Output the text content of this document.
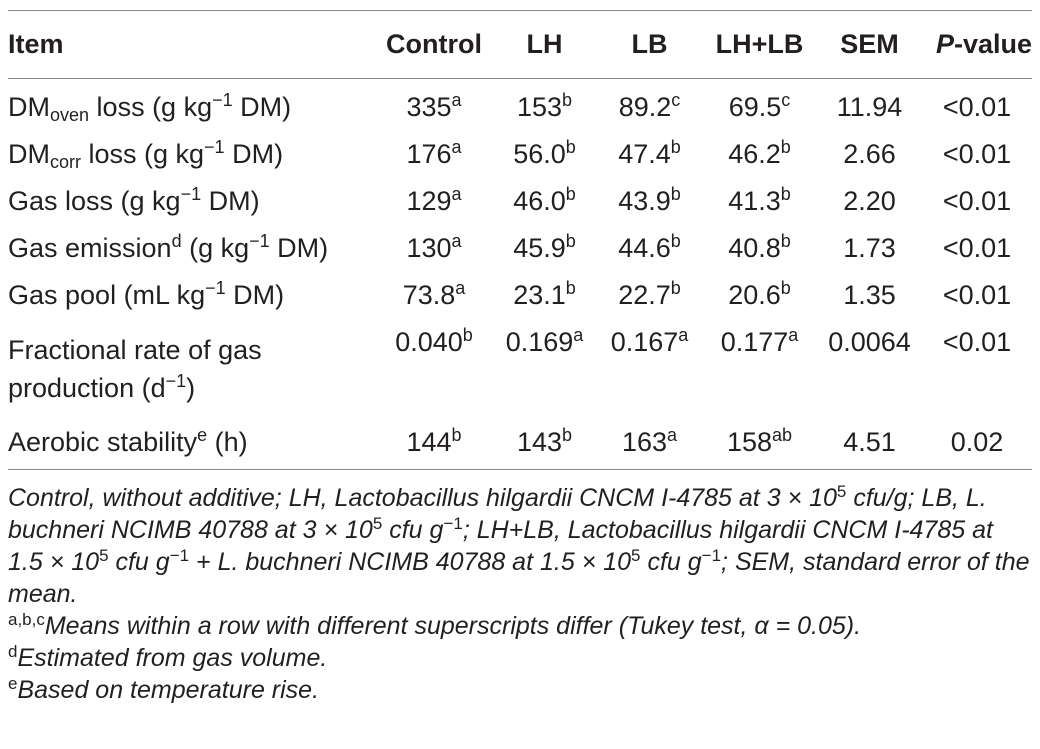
Item	Control	LH	LB	LH+LB	SEM	P-value
$DM_{oven}$ loss (g $kg^{-1}$ DM)	335$^a$	153$^b$	89.2$^c$	69.5$^c$	11.94	<0.01
$DM_{corr}$ loss (g $kg^{-1}$ DM)	176$^a$	56.0$^b$	47.4$^b$	46.2$^b$	2.66	<0.01
Gas loss (g $kg^{-1}$ DM)	129$^a$	46.0$^b$	43.9$^b$	41.3$^b$	2.20	<0.01
Gas emission$^d$ (g $kg^{-1}$ DM)	130$^a$	45.9$^b$	44.6$^b$	40.8$^b$	1.73	<0.01
Gas pool (mL $kg^{-1}$ DM)	73.8$^a$	23.1$^b$	22.7$^b$	20.6$^b$	1.35	<0.01
Fractional rate of gas production $(d^{-1})$	0.040$^b$	0.169$^a$	0.167$^a$	0.177$^a$	0.0064	<0.01
Aerobic stability$^e$ (h)	144$^b$	143$^b$	163$^a$	$158^{ab}$	4.51	0.02

Control, without additive; LH, Lactobacillus hilgardii CNCM I-4785 at $3 \times 10^5$ cfu/g; LB, L. buchneri NCIMB 40788 at $3 \times 10^5$ cfu $g^{-1}$; LH+LB, Lactobacillus hilgardii CNCM I-4785 at $1.5 \times 10^5$ cfu $g^{-1} + L$. buchneri NCIMB 40788 at $1.5 \times 10^5$ cfu $g^{-1}$; SEM, standard error of the mean.

$^{a,b,c}$Means within a row with different superscripts differ (Tukey test, α = 0.05).

$^d$Estimated from gas volume.

$^e$Based on temperature rise.
